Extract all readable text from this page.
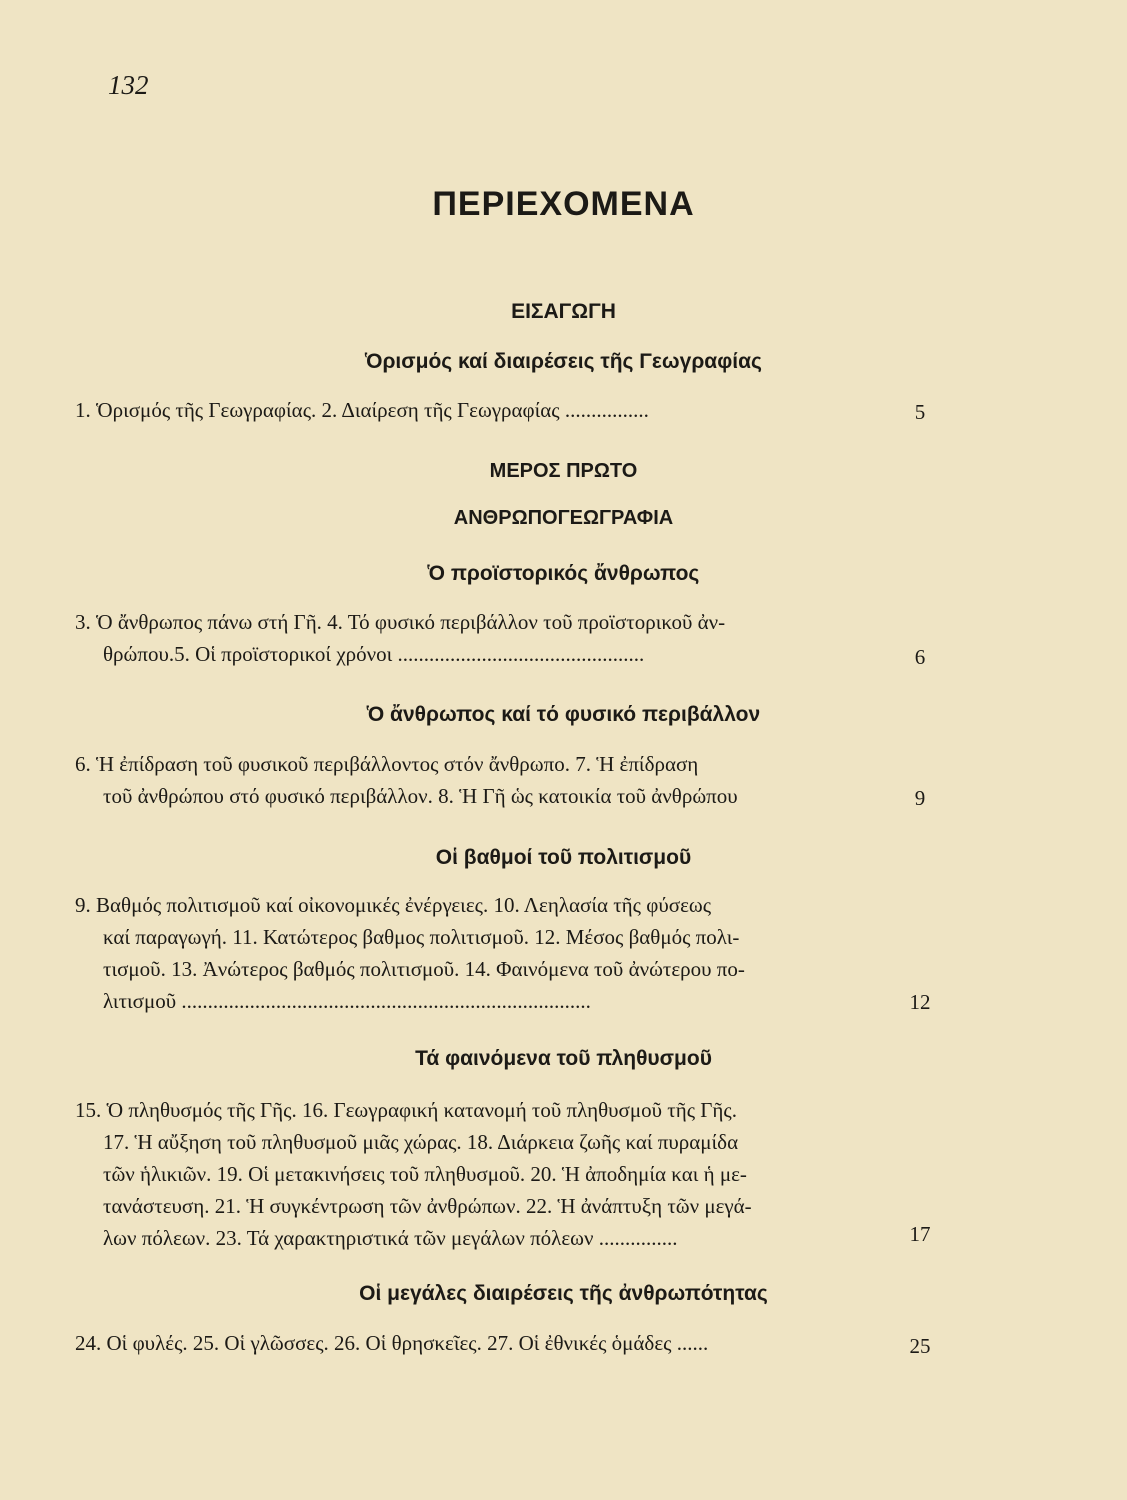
132
ΠΕΡΙΕΧΟΜΕΝΑ
ΕΙΣΑΓΩΓΗ
Ὁρισμός καί διαιρέσεις τῆς Γεωγραφίας
1. Ὁρισμός τῆς Γεωγραφίας. 2. Διαίρεση τῆς Γεωγραφίας ................	5
ΜΕΡΟΣ ΠΡΩΤΟ
ΑΝΘΡΩΠΟΓΕΩΓΡΑΦΙΑ
Ὁ προϊστορικός ἄνθρωπος
3. Ὁ ἄνθρωπος πάνω στή Γῆ. 4. Τό φυσικό περιβάλλον τοῦ προϊστορικοῦ ἀν-
θρώπου.5. Οἱ προϊστορικοί χρόνοι ...............................................	6
Ὁ ἄνθρωπος καί τό φυσικό περιβάλλον
6. Ἡ ἐπίδραση τοῦ φυσικοῦ περιβάλλοντος στόν ἄνθρωπο. 7. Ἡ ἐπίδραση
τοῦ ἀνθρώπου στό φυσικό περιβάλλον. 8. Ἡ Γῆ ὡς κατοικία τοῦ ἀνθρώπου	9
Οἱ βαθμοί τοῦ πολιτισμοῦ
9. Βαθμός πολιτισμοῦ καί οἰκονομικές ἐνέργειες. 10. Λεηλασία τῆς φύσεως
καί παραγωγή. 11. Κατώτερος βαθμος πολιτισμοῦ. 12. Μέσος βαθμός πολι-
τισμοῦ. 13. Ἀνώτερος βαθμός πολιτισμοῦ. 14. Φαινόμενα τοῦ ἀνώτερου πο-
λιτισμοῦ ..............................................................................	12
Τά φαινόμενα τοῦ πληθυσμοῦ
15. Ὁ πληθυσμός τῆς Γῆς. 16. Γεωγραφική κατανομή τοῦ πληθυσμοῦ τῆς Γῆς.
17. Ἡ αὔξηση τοῦ πληθυσμοῦ μιᾶς χώρας. 18. Διάρκεια ζωῆς καί πυραμίδα
τῶν ἡλικιῶν. 19. Οἱ μετακινήσεις τοῦ πληθυσμοῦ. 20. Ἡ ἀποδημία και ἡ με-
τανάστευση. 21. Ἡ συγκέντρωση τῶν ἀνθρώπων. 22. Ἡ ἀνάπτυξη τῶν μεγά-
λων πόλεων. 23. Τά χαρακτηριστικά τῶν μεγάλων πόλεων ...............	17
Οἱ μεγάλες διαιρέσεις τῆς ἀνθρωπότητας
24. Οἱ φυλές. 25. Οἱ γλῶσσες. 26. Οἱ θρησκεῖες. 27. Οἱ ἐθνικές ὁμάδες ......	25
